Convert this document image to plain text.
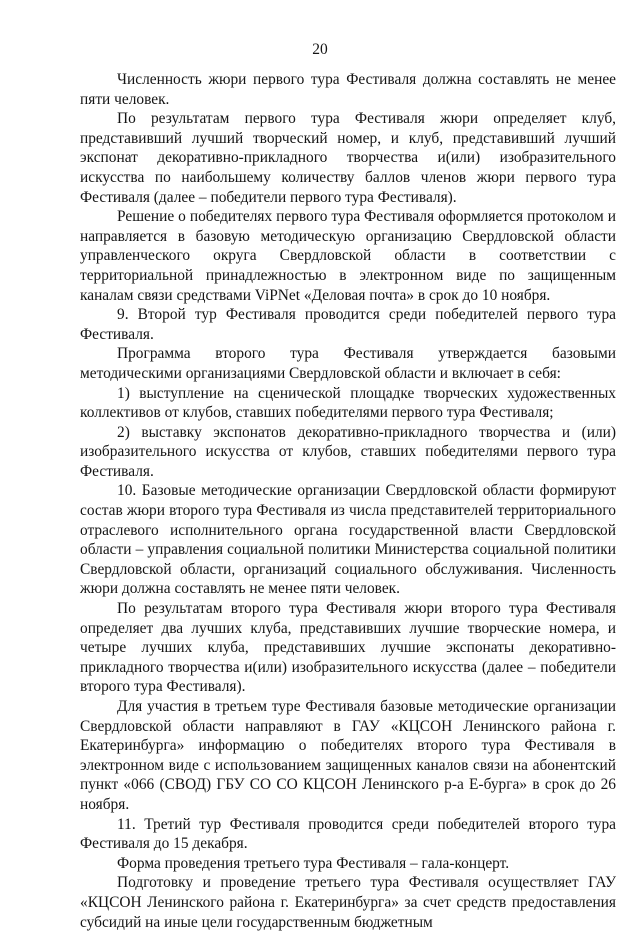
20

Численность жюри первого тура Фестиваля должна составлять не менее пяти человек.

По результатам первого тура Фестиваля жюри определяет клуб, представивший лучший творческий номер, и клуб, представивший лучший экспонат декоративно-прикладного творчества и(или) изобразительного искусства по наибольшему количеству баллов членов жюри первого тура Фестиваля (далее – победители первого тура Фестиваля).

Решение о победителях первого тура Фестиваля оформляется протоколом и направляется в базовую методическую организацию Свердловской области управленческого округа Свердловской области в соответствии с территориальной принадлежностью в электронном виде по защищенным каналам связи средствами ViPNet «Деловая почта» в срок до 10 ноября.

9. Второй тур Фестиваля проводится среди победителей первого тура Фестиваля.

Программа второго тура Фестиваля утверждается базовыми методическими организациями Свердловской области и включает в себя:

1) выступление на сценической площадке творческих художественных коллективов от клубов, ставших победителями первого тура Фестиваля;

2) выставку экспонатов декоративно-прикладного творчества и (или) изобразительного искусства от клубов, ставших победителями первого тура Фестиваля.

10. Базовые методические организации Свердловской области формируют состав жюри второго тура Фестиваля из числа представителей территориального отраслевого исполнительного органа государственной власти Свердловской области – управления социальной политики Министерства социальной политики Свердловской области, организаций социального обслуживания. Численность жюри должна составлять не менее пяти человек.

По результатам второго тура Фестиваля жюри второго тура Фестиваля определяет два лучших клуба, представивших лучшие творческие номера, и четыре лучших клуба, представивших лучшие экспонаты декоративно-прикладного творчества и(или) изобразительного искусства (далее – победители второго тура Фестиваля).

Для участия в третьем туре Фестиваля базовые методические организации Свердловской области направляют в ГАУ «КЦСОН Ленинского района г. Екатеринбурга» информацию о победителях второго тура Фестиваля в электронном виде с использованием защищенных каналов связи на абонентский пункт «066 (СВОД) ГБУ СО СО КЦСОН Ленинского р-а Е-бурга» в срок до 26 ноября.

11. Третий тур Фестиваля проводится среди победителей второго тура Фестиваля до 15 декабря.

Форма проведения третьего тура Фестиваля – гала-концерт.

Подготовку и проведение третьего тура Фестиваля осуществляет ГАУ «КЦСОН Ленинского района г. Екатеринбурга» за счет средств предоставления субсидий на иные цели государственным бюджетным
